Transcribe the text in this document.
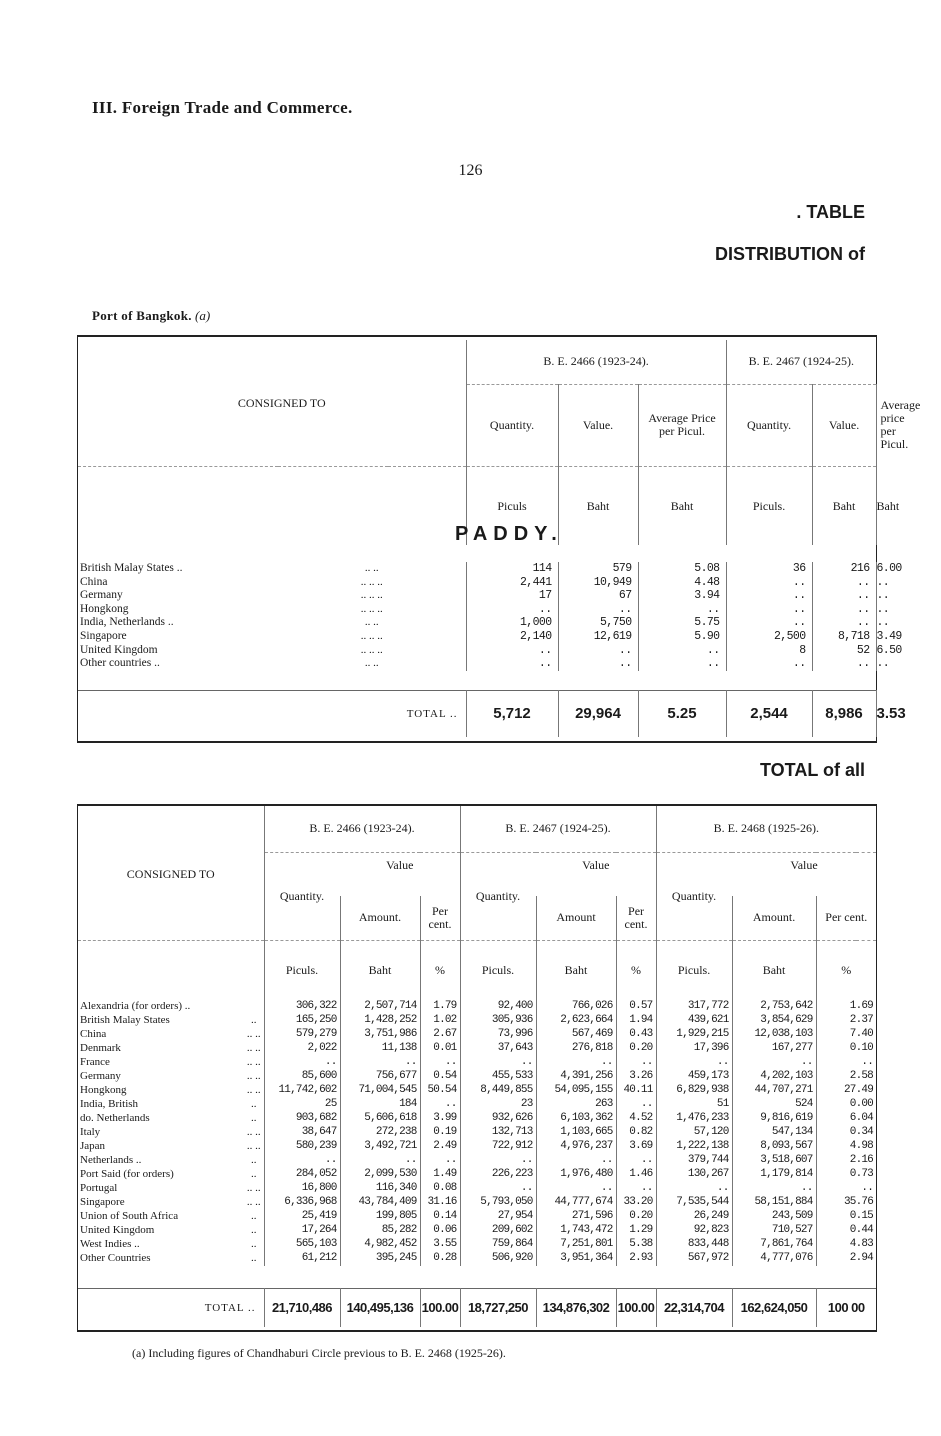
III. Foreign Trade and Commerce.
126
. TABLE
DISTRIBUTION of
Port of Bangkok. (a)
CONSIGNED TO	B. E. 2466 (1923-24).			B. E. 2467 (1924-25).		
	Quantity.	Value.	Average Price per Picul.	Quantity.	Value.	Average price per Picul.
	Piculs	Baht	Baht	Piculs.	Baht	Baht
PADDY.
British Malay States ..	.. ..	114	579	5.08	36	216	6.00
China	.. .. ..	2,441	10,949	4.48	..	..	..
Germany	.. .. ..	17	67	3.94	..	..	..
Hongkong	.. .. ..	..	..	..	..	..	..
India, Netherlands ..	.. ..	1,000	5,750	5.75	..	..	..
Singapore	.. .. ..	2,140	12,619	5.90	2,500	8,718	3.49
United Kingdom	.. .. ..	..	..	..	8	52	6.50
Other countries ..	.. ..	..	..	..	..	..	..
TOTAL ..	5,712	29,964	5.25	2,544	8,986	3.53
TOTAL of all
CONSIGNED TO	B. E. 2466 (1923-24).			B. E. 2467 (1924-25).			B. E. 2468 (1925-26).		
	Quantity.	Value		Quantity.	Value		Quantity.	Value	
		Amount.	Per cent.		Amount	Per cent.		Amount.	Per cent.
	Piculs.	Baht	%	Piculs.	Baht	%	Piculs.	Baht	%
Alexandria (for orders) ..		306,322	2,507,714	1.79	92,400	766,026	0.57	317,772	2,753,642	1.69
British Malay States	..	165,250	1,428,252	1.02	305,936	2,623,664	1.94	439,621	3,854,629	2.37
China	.. ..	579,279	3,751,986	2.67	73,996	567,469	0.43	1,929,215	12,038,103	7.40
Denmark	.. ..	2,022	11,138	0.01	37,643	276,818	0.20	17,396	167,277	0.10
France	.. ..	..	..	..	..	..	..	..	..	..
Germany	.. ..	85,600	756,677	0.54	455,533	4,391,256	3.26	459,173	4,202,103	2.58
Hongkong	.. ..	11,742,602	71,004,545	50.54	8,449,855	54,095,155	40.11	6,829,938	44,707,271	27.49
India, British	..	25	184	..	23	263	..	51	524	0.00
do. Netherlands	..	903,682	5,606,618	3.99	932,626	6,103,362	4.52	1,476,233	9,816,619	6.04
Italy	.. ..	38,647	272,238	0.19	132,713	1,103,665	0.82	57,120	547,134	0.34
Japan	.. ..	580,239	3,492,721	2.49	722,912	4,976,237	3.69	1,222,138	8,093,567	4.98
Netherlands ..	..	..	..	..	..	..	..	379,744	3,518,607	2.16
Port Said (for orders)	..	284,052	2,099,530	1.49	226,223	1,976,480	1.46	130,267	1,179,814	0.73
Portugal	.. ..	16,800	116,340	0.08	..	..	..	..	..	..
Singapore	.. ..	6,336,968	43,784,409	31.16	5,793,050	44,777,674	33.20	7,535,544	58,151,884	35.76
Union of South Africa	..	25,419	199,805	0.14	27,954	271,596	0.20	26,249	243,509	0.15
United Kingdom	..	17,264	85,282	0.06	209,602	1,743,472	1.29	92,823	710,527	0.44
West Indies ..	..	565,103	4,982,452	3.55	759,864	7,251,801	5.38	833,448	7,861,764	4.83
Other Countries	..	61,212	395,245	0.28	506,920	3,951,364	2.93	567,972	4,777,076	2.94
TOTAL ..	21,710,486	140,495,136	100.00	18,727,250	134,876,302	100.00	22,314,704	162,624,050	100 00
(a) Including figures of Chandhaburi Circle previous to B. E. 2468 (1925-26).
